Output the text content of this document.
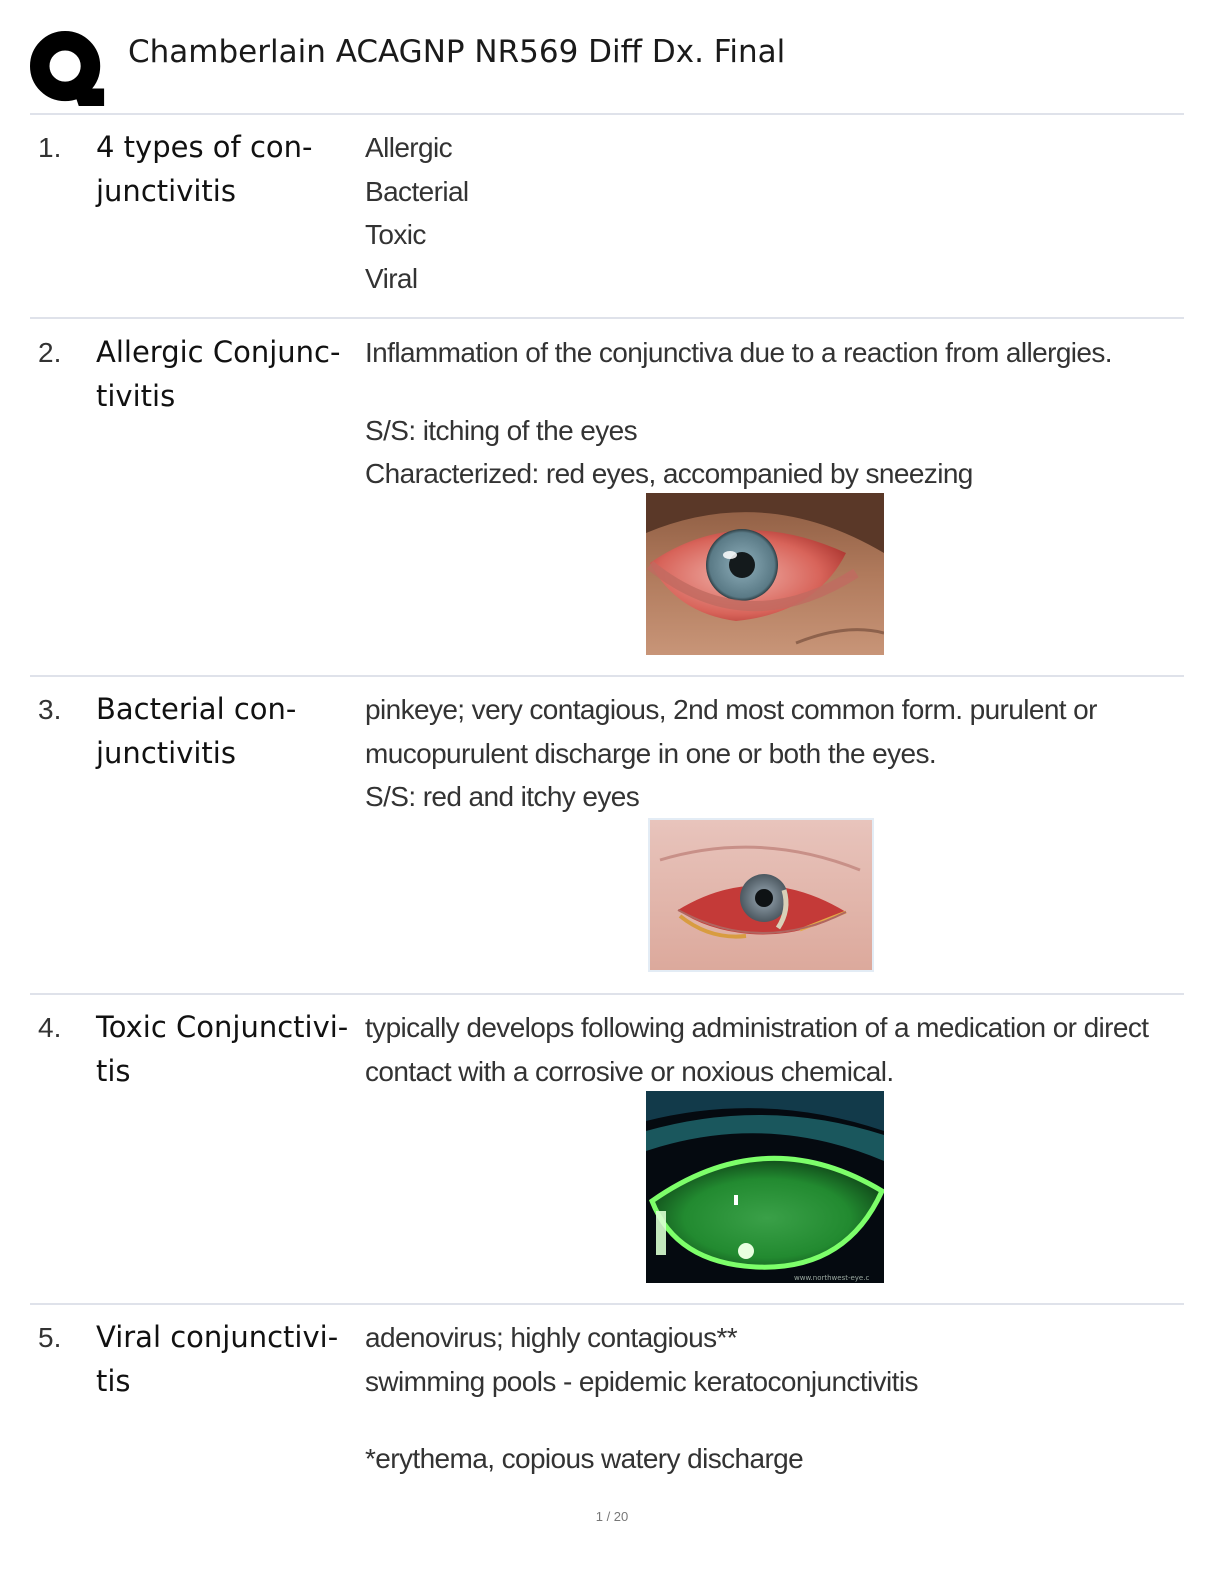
Chamberlain ACAGNP NR569 Diff Dx. Final
1.	4 types of con- junctivitis
Allergic
Bacterial
Toxic
Viral
2.	Allergic Conjunc- tivitis
Inflammation of the conjunctiva due to a reaction from allergies.
S/S: itching of the eyes
Characterized: red eyes, accompanied by sneezing
3.	Bacterial con- junctivitis
pinkeye; very contagious, 2nd most common form. purulent or mucopurulent discharge in one or both the eyes.
S/S: red and itchy eyes
4.	Toxic Conjunctivi- tis
typically develops following administration of a medication or direct contact with a corrosive or noxious chemical.
www.northwest-eye.c
5.	Viral conjunctivi- tis
adenovirus; highly contagious**
swimming pools - epidemic keratoconjunctivitis
*erythema, copious watery discharge
1 / 20
